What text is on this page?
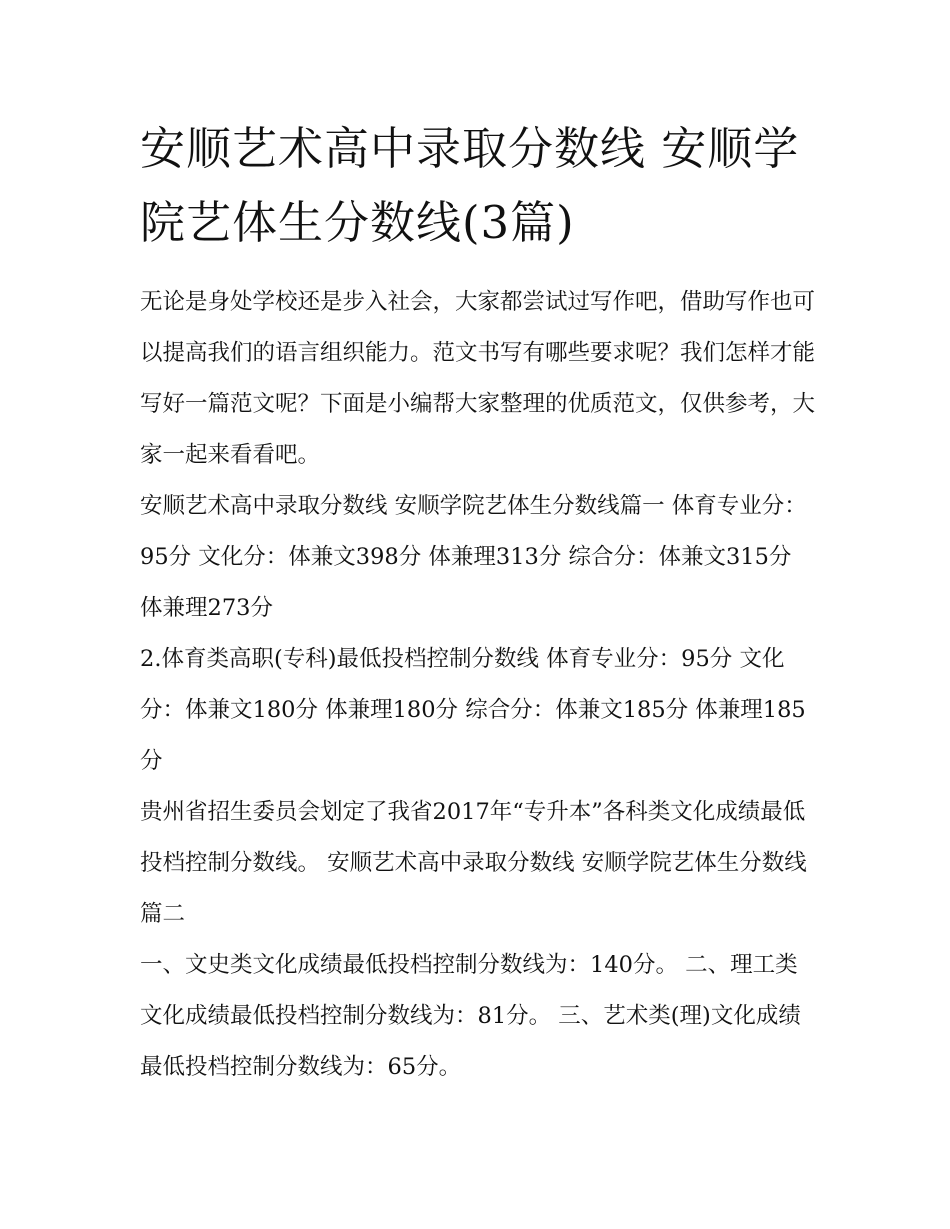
安顺艺术高中录取分数线 安顺学院艺体生分数线(3篇)

无论是身处学校还是步入社会，大家都尝试过写作吧，借助写作也可以提高我们的语言组织能力。范文书写有哪些要求呢？我们怎样才能写好一篇范文呢？下面是小编帮大家整理的优质范文，仅供参考，大家一起来看看吧。

安顺艺术高中录取分数线 安顺学院艺体生分数线篇一 体育专业分：95分 文化分：体兼文398分 体兼理313分 综合分：体兼文315分 体兼理273分

2.体育类高职(专科)最低投档控制分数线 体育专业分：95分 文化分：体兼文180分 体兼理180分 综合分：体兼文185分 体兼理185分

贵州省招生委员会划定了我省2017年“专升本”各科类文化成绩最低投档控制分数线。 安顺艺术高中录取分数线 安顺学院艺体生分数线篇二

一、文史类文化成绩最低投档控制分数线为：140分。 二、理工类文化成绩最低投档控制分数线为：81分。 三、艺术类(理)文化成绩最低投档控制分数线为：65分。
